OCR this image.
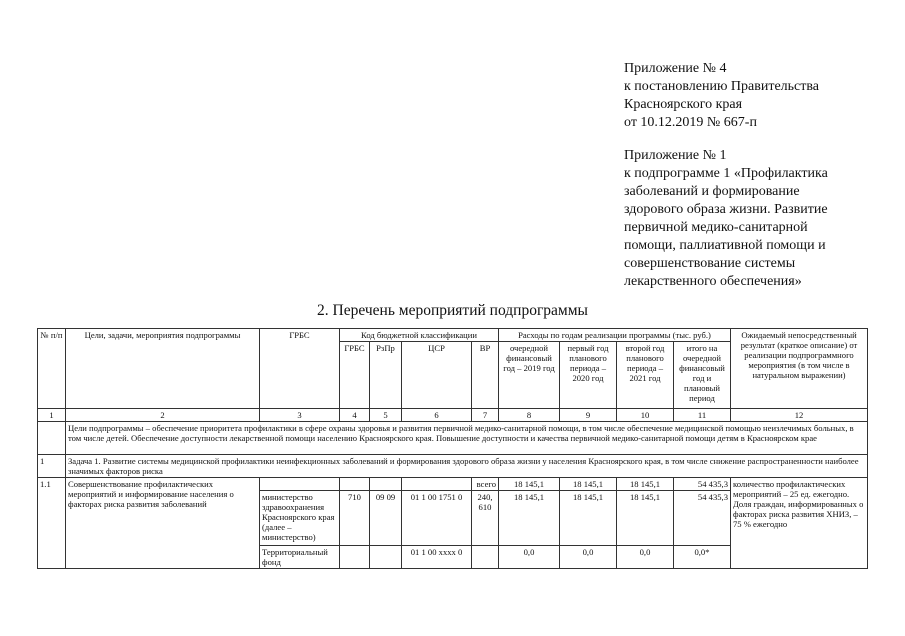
Приложение № 4
к постановлению Правительства
Красноярского края
от 10.12.2019 № 667-п
Приложение № 1
к подпрограмме 1 «Профилактика
заболеваний и формирование
здорового образа жизни. Развитие
первичной медико-санитарной
помощи, паллиативной помощи и
совершенствование системы
лекарственного обеспечения»
2. Перечень мероприятий подпрограммы
№ п/п	Цели, задачи, мероприятия подпрограммы	ГРБС	Код бюджетной классификации				Расходы по годам реализации программы (тыс. руб.)				Ожидаемый непосредственный результат (краткое описание) от реализации подпрограммного мероприятия (в том числе в натуральном выражении)
			ГРБС	РзПр	ЦСР	ВР	очередной финансовый год – 2019 год	первый год планового периода – 2020 год	второй год планового периода – 2021 год	итого на очередной финансовый год и плановый период	
1	2	3	4	5	6	7	8	9	10	11	12
	Цели подпрограммы – обеспечение приоритета профилактики в сфере охраны здоровья и развития первичной медико-санитарной помощи, в том числе обеспечение медицинской помощью неизлечимых больных, в том числе детей. Обеспечение доступности лекарственной помощи населению Красноярского края. Повышение доступности и качества первичной медико-санитарной помощи детям в Красноярском крае										
1	Задача 1. Развитие системы медицинской профилактики неинфекционных заболеваний и формирования здорового образа жизни у населения Красноярского края, в том числе снижение распространенности наиболее значимых факторов риска										
1.1	Совершенствование профилактических мероприятий и информирование населения о факторах риска развития заболеваний					всего	18 145,1	18 145,1	18 145,1	54 435,3	количество профилактических мероприятий – 25 ед. ежегодно. Доля граждан, информированных о факторах риска развития ХНИЗ, – 75 % ежегодно
		министерство здравоохранения Красноярского края (далее – министерство)	710	09 09	01 1 00 1751 0	240, 610	18 145,1	18 145,1	18 145,1	54 435,3	
		Территориальный фонд			01 1 00 хххх 0		0,0	0,0	0,0	0,0*	
